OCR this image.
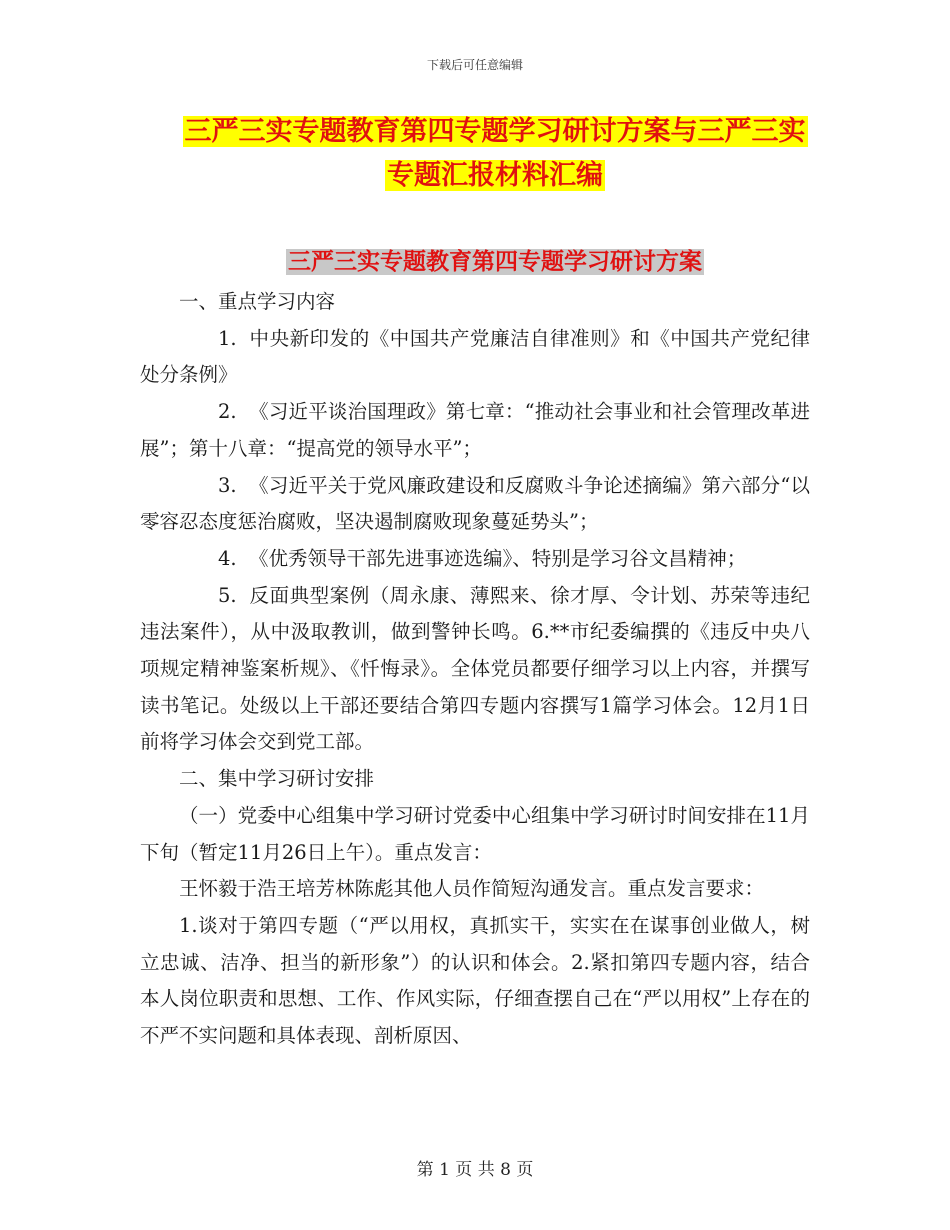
下载后可任意编辑
三严三实专题教育第四专题学习研讨方案与三严三实
专题汇报材料汇编
三严三实专题教育第四专题学习研讨方案

一、重点学习内容

1. 中央新印发的《中国共产党廉洁自律准则》和《中国共产党纪律处分条例》

2. 《习近平谈治国理政》第七章：“推动社会事业和社会管理改革进展”；第十八章：“提高党的领导水平”；

3. 《习近平关于党风廉政建设和反腐败斗争论述摘编》第六部分“以零容忍态度惩治腐败，坚决遏制腐败现象蔓延势头”；

4. 《优秀领导干部先进事迹选编》、特别是学习谷文昌精神；

5. 反面典型案例（周永康、薄熙来、徐才厚、令计划、苏荣等违纪违法案件），从中汲取教训，做到警钟长鸣。6.**市纪委编撰的《违反中央八项规定精神鉴案析规》、《忏悔录》。全体党员都要仔细学习以上内容，并撰写读书笔记。处级以上干部还要结合第四专题内容撰写1篇学习体会。12月1日前将学习体会交到党工部。

二、集中学习研讨安排

（一）党委中心组集中学习研讨党委中心组集中学习研讨时间安排在11月下旬（暂定11月26日上午）。重点发言：

王怀毅于浩王培芳林陈彪其他人员作简短沟通发言。重点发言要求：

1.谈对于第四专题（“严以用权，真抓实干，实实在在谋事创业做人，树立忠诚、洁净、担当的新形象”）的认识和体会。2.紧扣第四专题内容，结合本人岗位职责和思想、工作、作风实际，仔细查摆自己在“严以用权”上存在的不严不实问题和具体表现、剖析原因、

第 1 页 共 8 页
